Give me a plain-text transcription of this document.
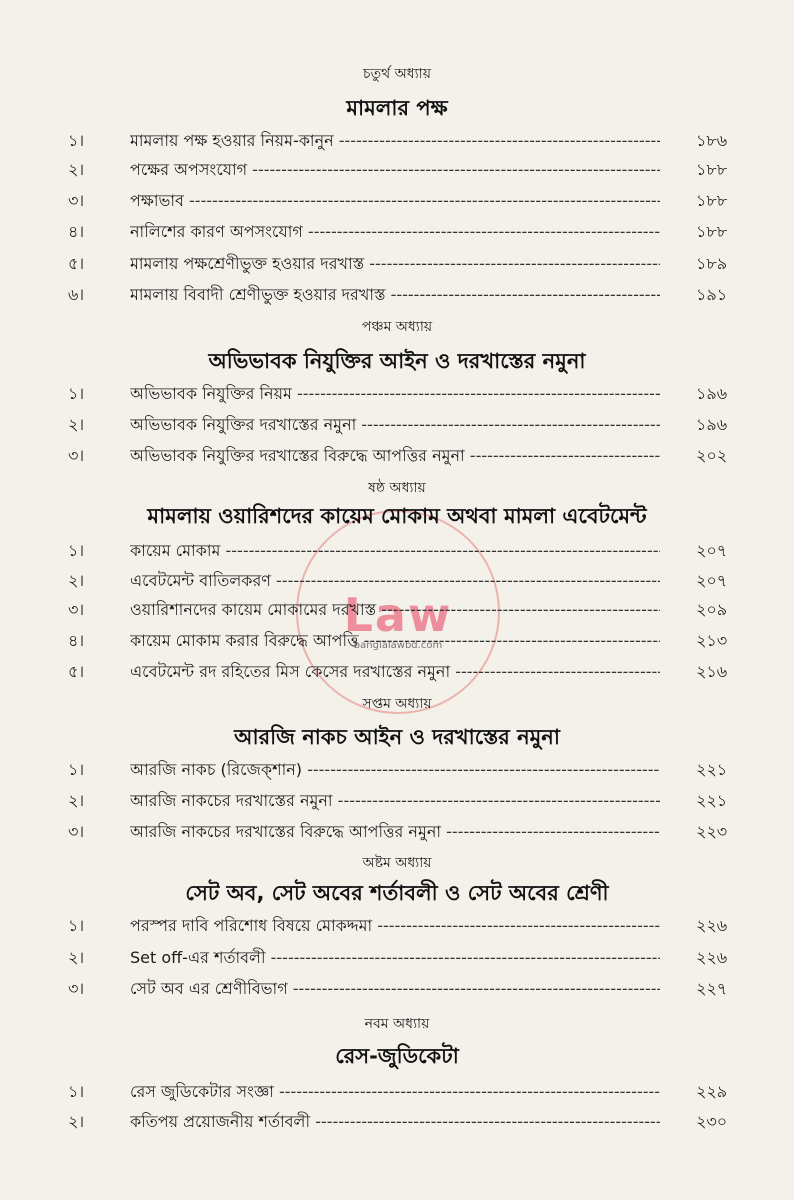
Law
banglalawbd.com
চতুর্থ অধ্যায়
মামলার পক্ষ
১।	মামলায় পক্ষ হওয়ার নিয়ম-কানুন -----	১৮৬
২।	পক্ষের অপসংযোগ -----	১৮৮
৩।	পক্ষাভাব -----	১৮৮
৪।	নালিশের কারণ অপসংযোগ -----	১৮৮
৫।	মামলায় পক্ষশ্রেণীভুক্ত হওয়ার দরখাস্ত -----	১৮৯
৬।	মামলায় বিবাদী শ্রেণীভুক্ত হওয়ার দরখাস্ত -----	১৯১
পঞ্চম অধ্যায়
অভিভাবক নিযুক্তির আইন ও দরখাস্তের নমুনা
১।	অভিভাবক নিযুক্তির নিয়ম -----	১৯৬
২।	অভিভাবক নিযুক্তির দরখাস্তের নমুনা -----	১৯৬
৩।	অভিভাবক নিযুক্তির দরখাস্তের বিরুদ্ধে আপত্তির নমুনা -----	২০২
ষষ্ঠ অধ্যায়
মামলায় ওয়ারিশদের কায়েম মোকাম অথবা মামলা এবেটমেন্ট
১।	কায়েম মোকাম -----	২০৭
২।	এবেটমেন্ট বাতিলকরণ -----	২০৭
৩।	ওয়ারিশানদের কায়েম মোকামের দরখাস্ত -----	২০৯
৪।	কায়েম মোকাম করার বিরুদ্ধে আপত্তি -----	২১৩
৫।	এবেটমেন্ট রদ রহিতের মিস কেসের দরখাস্তের নমুনা -----	২১৬
সপ্তম অধ্যায়
আরজি নাকচ আইন ও দরখাস্তের নমুনা
১।	আরজি নাকচ (রিজেক্‌শান) -----	২২১
২।	আরজি নাকচের দরখাস্তের নমুনা -----	২২১
৩।	আরজি নাকচের দরখাস্তের বিরুদ্ধে আপত্তির নমুনা -----	২২৩
অষ্টম অধ্যায়
সেট অব, সেট অবের শর্তাবলী ও সেট অবের শ্রেণী
১।	পরস্পর দাবি পরিশোধ বিষয়ে মোকদ্দমা -----	২২৬
২।	Set off-এর শর্তাবলী -----	২২৬
৩।	সেট অব এর শ্রেণীবিভাগ -----	২২৭
নবম অধ্যায়
রেস-জুডিকেটা
১।	রেস জুডিকেটার সংজ্ঞা -----	২২৯
২।	কতিপয় প্রয়োজনীয় শর্তাবলী -----	২৩০
